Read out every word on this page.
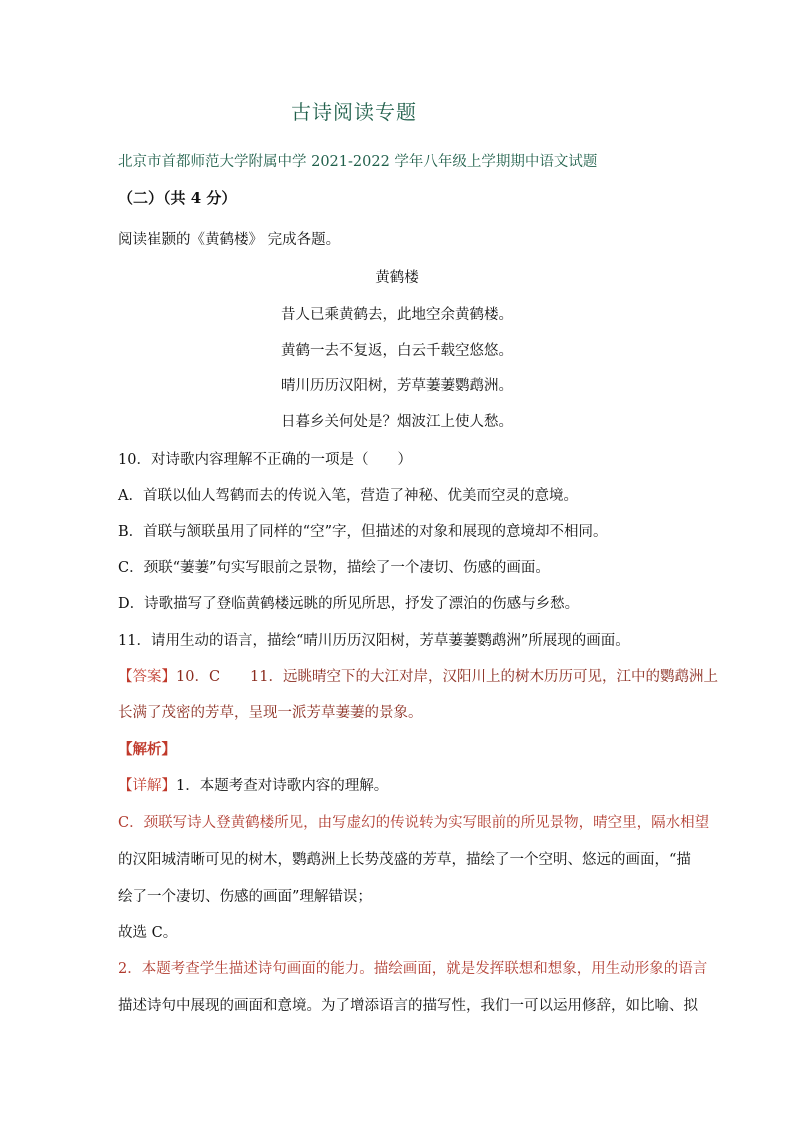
古诗阅读专题
北京市首都师范大学附属中学 2021-2022 学年八年级上学期期中语文试题
（二）（共 4 分）
阅读崔颢的《黄鹤楼》 完成各题。
黄鹤楼
昔人已乘黄鹤去，此地空余黄鹤楼。
黄鹤一去不复返，白云千载空悠悠。
晴川历历汉阳树，芳草萋萋鹦鹉洲。
日暮乡关何处是？烟波江上使人愁。
10．对诗歌内容理解不正确的一项是（　　）
A．首联以仙人驾鹤而去的传说入笔，营造了神秘、优美而空灵的意境。
B．首联与颔联虽用了同样的“空”字，但描述的对象和展现的意境却不相同。
C．颈联“萋萋”句实写眼前之景物，描绘了一个凄切、伤感的画面。
D．诗歌描写了登临黄鹤楼远眺的所见所思，抒发了漂泊的伤感与乡愁。
11．请用生动的语言，描绘“晴川历历汉阳树，芳草萋萋鹦鹉洲”所展现的画面。
【答案】10．C 11．远眺晴空下的大江对岸，汉阳川上的树木历历可见，江中的鹦鹉洲上
长满了茂密的芳草，呈现一派芳草萋萋的景象。
【解析】
【详解】1．本题考查对诗歌内容的理解。
C．颈联写诗人登黄鹤楼所见，由写虚幻的传说转为实写眼前的所见景物，晴空里，隔水相望
的汉阳城清晰可见的树木，鹦鹉洲上长势茂盛的芳草，描绘了一个空明、悠远的画面，“描
绘了一个凄切、伤感的画面”理解错误；
故选 C。
2．本题考查学生描述诗句画面的能力。描绘画面，就是发挥联想和想象，用生动形象的语言
描述诗句中展现的画面和意境。为了增添语言的描写性，我们一可以运用修辞，如比喻、拟
